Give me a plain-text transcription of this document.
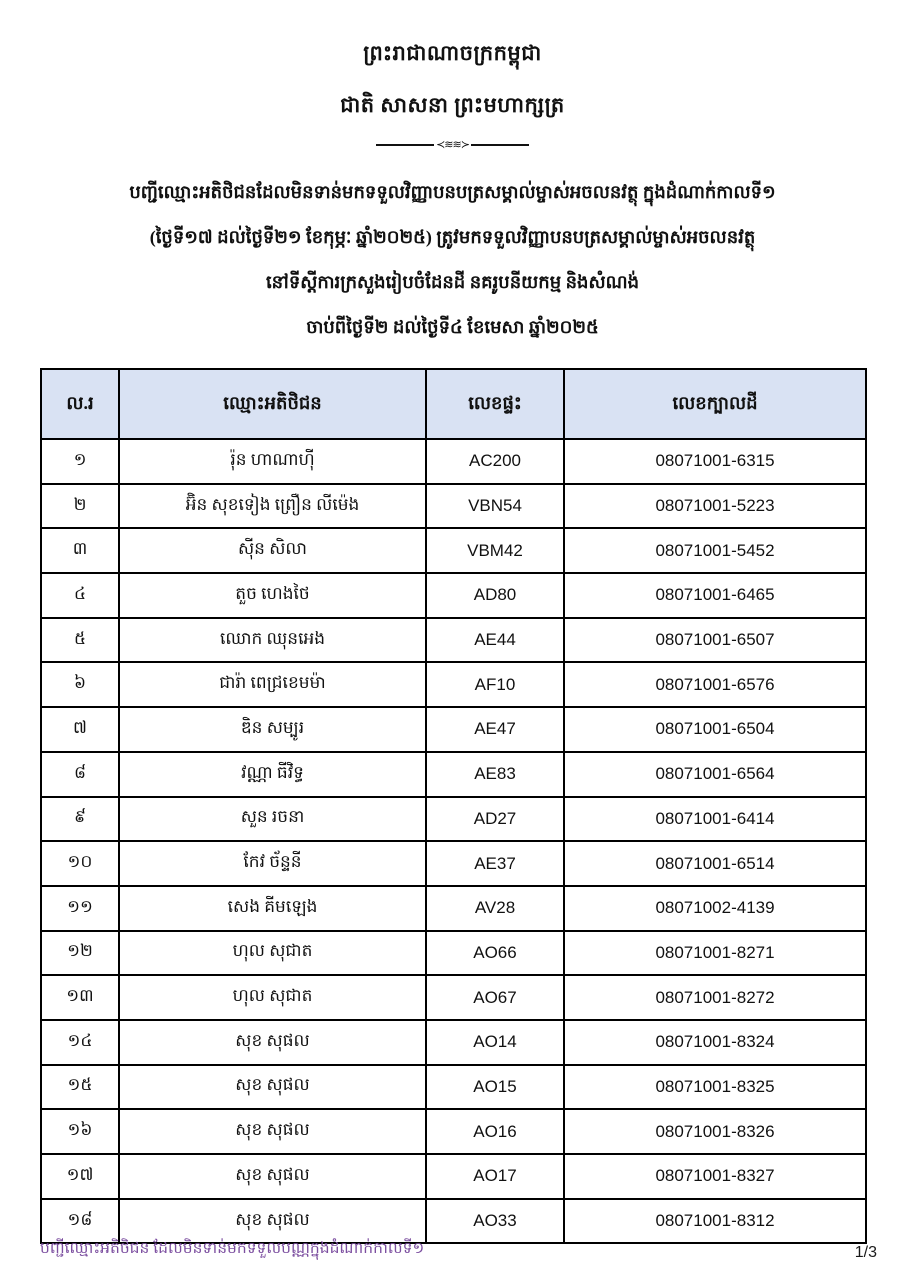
ព្រះរាជាណាចក្រកម្ពុជា
ជាតិ សាសនា ព្រះមហាក្សត្រ
≺≋≋≻
បញ្ជីឈ្មោះអតិថិជនដែលមិនទាន់មកទទួលវិញ្ញាបនបត្រសម្គាល់ម្ចាស់អចលនវត្ថុ ក្នុងដំណាក់កាលទី១
(ថ្ងៃទី១៧ ដល់ថ្ងៃទី២១ ខែកុម្ភៈ ឆ្នាំ២០២៥) ត្រូវមកទទួលវិញ្ញាបនបត្រសម្គាល់ម្ចាស់អចលនវត្ថុ
នៅទីស្តីការក្រសួងរៀបចំដែនដី នគរូបនីយកម្ម និងសំណង់
ចាប់ពីថ្ងៃទី២ ដល់ថ្ងៃទី៤ ខែមេសា ឆ្នាំ២០២៥
ល.រ	ឈ្មោះអតិថិជន	លេខផ្ទះ	លេខក្បាលដី
១	រ៉ុន ហាណាហ៊ី	AC200	08071001-6315
២	អ៊ិន សុខទៀង ព្រឿន លីម៉េង	VBN54	08071001-5223
៣	ស៊ីន សិលា	VBM42	08071001-5452
៤	តួច ហេងថៃ	AD80	08071001-6465
៥	ឈោក ឈុនអេង	AE44	08071001-6507
៦	ជារ៉ា ពេជ្រខេមម៉ា	AF10	08071001-6576
៧	ឌិន សម្បូរ	AE47	08071001-6504
៨	វណ្ណា ធីវិទ្ធ	AE83	08071001-6564
៩	សួន រចនា	AD27	08071001-6414
១០	កែវ ច័ន្ទនី	AE37	08071001-6514
១១	សេង គីមឡេង	AV28	08071002-4139
១២	ហុល សុជាត	AO66	08071001-8271
១៣	ហុល សុជាត	AO67	08071001-8272
១៤	សុខ សុផល	AO14	08071001-8324
១៥	សុខ សុផល	AO15	08071001-8325
១៦	សុខ សុផល	AO16	08071001-8326
១៧	សុខ សុផល	AO17	08071001-8327
១៨	សុខ សុផល	AO33	08071001-8312
បញ្ជីឈ្មោះអតិថិជន ដែលមិនទាន់មកទទួលបណ្ណក្នុងដំណាក់កាលទី១	1/3
